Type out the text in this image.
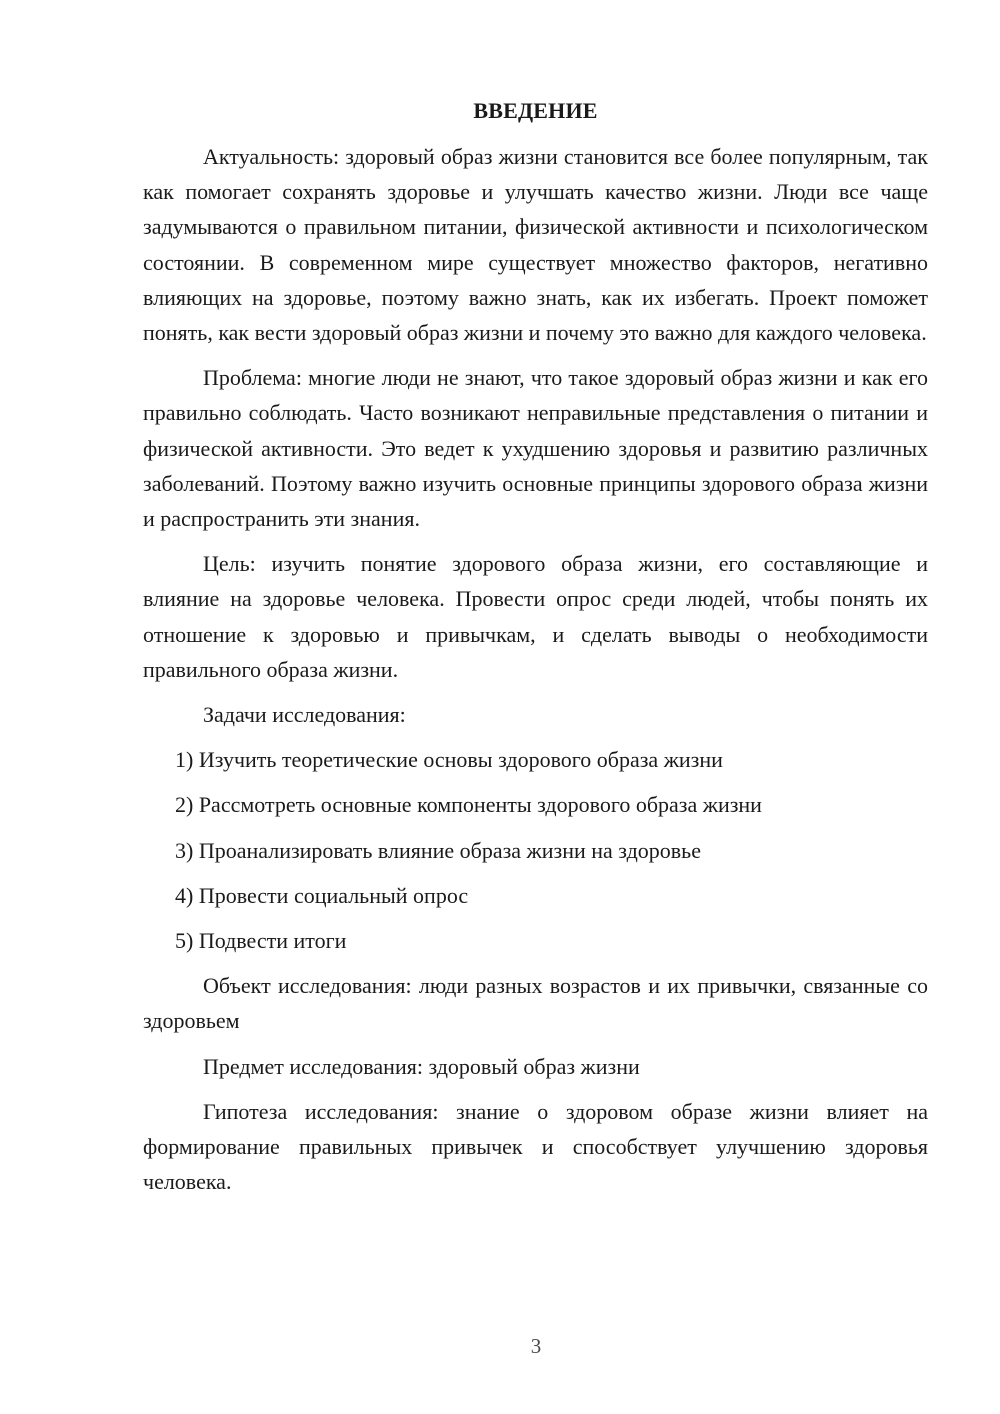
ВВЕДЕНИЕ

Актуальность: здоровый образ жизни становится все более популярным, так как помогает сохранять здоровье и улучшать качество жизни. Люди все чаще задумываются о правильном питании, физической активности и психологическом состоянии. В современном мире существует множество факторов, негативно влияющих на здоровье, поэтому важно знать, как их избегать. Проект поможет понять, как вести здоровый образ жизни и почему это важно для каждого человека.

Проблема: многие люди не знают, что такое здоровый образ жизни и как его правильно соблюдать. Часто возникают неправильные представления о питании и физической активности. Это ведет к ухудшению здоровья и развитию различных заболеваний. Поэтому важно изучить основные принципы здорового образа жизни и распространить эти знания.

Цель: изучить понятие здорового образа жизни, его составляющие и влияние на здоровье человека. Провести опрос среди людей, чтобы понять их отношение к здоровью и привычкам, и сделать выводы о необходимости правильного образа жизни.

Задачи исследования:

1) Изучить теоретические основы здорового образа жизни
2) Рассмотреть основные компоненты здорового образа жизни
3) Проанализировать влияние образа жизни на здоровье
4) Провести социальный опрос
5) Подвести итоги

Объект исследования: люди разных возрастов и их привычки, связанные со здоровьем

Предмет исследования: здоровый образ жизни

Гипотеза исследования: знание о здоровом образе жизни влияет на формирование правильных привычек и способствует улучшению здоровья человека.

3
